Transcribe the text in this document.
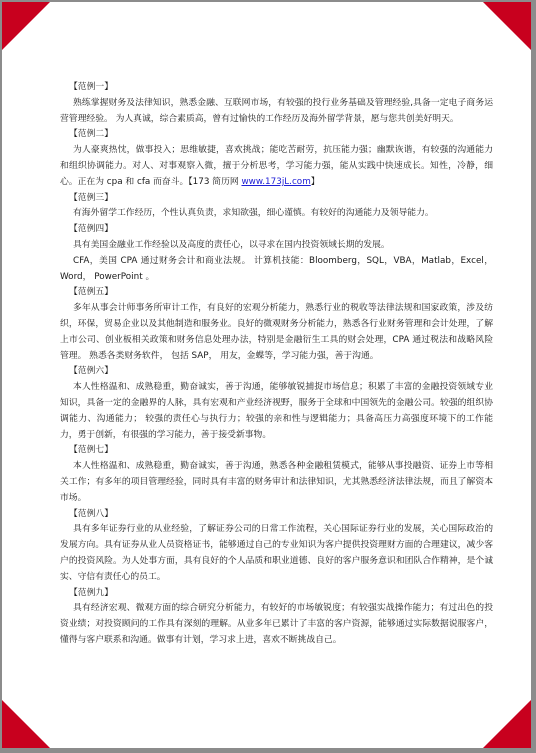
【范例一】

熟练掌握财务及法律知识，熟悉金融、互联网市场，有较强的投行业务基础及管理经验,具备一定电子商务运营管理经验。 为人真诚，综合素质高，曾有过愉快的工作经历及海外留学背景，愿与您共创美好明天。

【范例二】

为人豪爽热忱，做事投入；思维敏捷，喜欢挑战；能吃苦耐劳，抗压能力强；幽默诙谐，有较强的沟通能力和组织协调能力。对人、对事观察入微，擅于分析思考，学习能力强，能从实践中快速成长。知性，冷静，细心。正在为 cpa 和 cfa 而奋斗。【173 简历网 www.173jL.com】

【范例三】

有海外留学工作经历，个性认真负责，求知欲强，细心谨慎。有较好的沟通能力及领导能力。

【范例四】

具有美国金融业工作经验以及高度的责任心，以寻求在国内投资领域长期的发展。

CFA，美国 CPA 通过财务会计和商业法规。 计算机技能：Bloomberg，SQL，VBA，Matlab，Excel，Word， PowerPoint 。

【范例五】

多年从事会计师事务所审计工作，有良好的宏观分析能力，熟悉行业的税收等法律法规和国家政策，涉及纺织，环保，贸易企业以及其他制造和服务业。良好的微观财务分析能力，熟悉各行业财务管理和会计处理，了解上市公司、创业板相关政策和财务信息处理办法，特别是金融衍生工具的财会处理，CPA 通过税法和战略风险管理。 熟悉各类财务软件， 包括 SAP， 用友，金蝶等，学习能力强，善于沟通。

【范例六】

本人性格温和、成熟稳重，勤奋诚实，善于沟通，能够敏锐捕捉市场信息；积累了丰富的金融投资领域专业知识，具备一定的金融界的人脉，具有宏观和产业经济视野，服务于全球和中国领先的金融公司。较强的组织协调能力、沟通能力； 较强的责任心与执行力；较强的亲和性与逻辑能力；具备高压力高强度环境下的工作能力，勇于创新，有很强的学习能力，善于接受新事物。

【范例七】

本人性格温和、成熟稳重，勤奋诚实，善于沟通，熟悉各种金融租赁模式，能够从事投融资、证券上市等相关工作；有多年的项目管理经验，同时具有丰富的财务审计和法律知识，尤其熟悉经济法律法规，而且了解资本市场。

【范例八】

具有多年证券行业的从业经验，了解证券公司的日常工作流程，关心国际证券行业的发展，关心国际政治的发展方向。具有证券从业人员资格证书，能够通过自己的专业知识为客户提供投资理财方面的合理建议，减少客户的投资风险。为人处事方面，具有良好的个人品质和职业道德、良好的客户服务意识和团队合作精神，是个诚实、守信有责任心的员工。

【范例九】

具有经济宏观、微观方面的综合研究分析能力，有较好的市场敏锐度；有较强实战操作能力；有过出色的投资业绩；对投资顾问的工作具有深刻的理解。从业多年已累计了丰富的客户资源，能够通过实际数据说服客户，懂得与客户联系和沟通。做事有计划，学习求上进，喜欢不断挑战自己。
